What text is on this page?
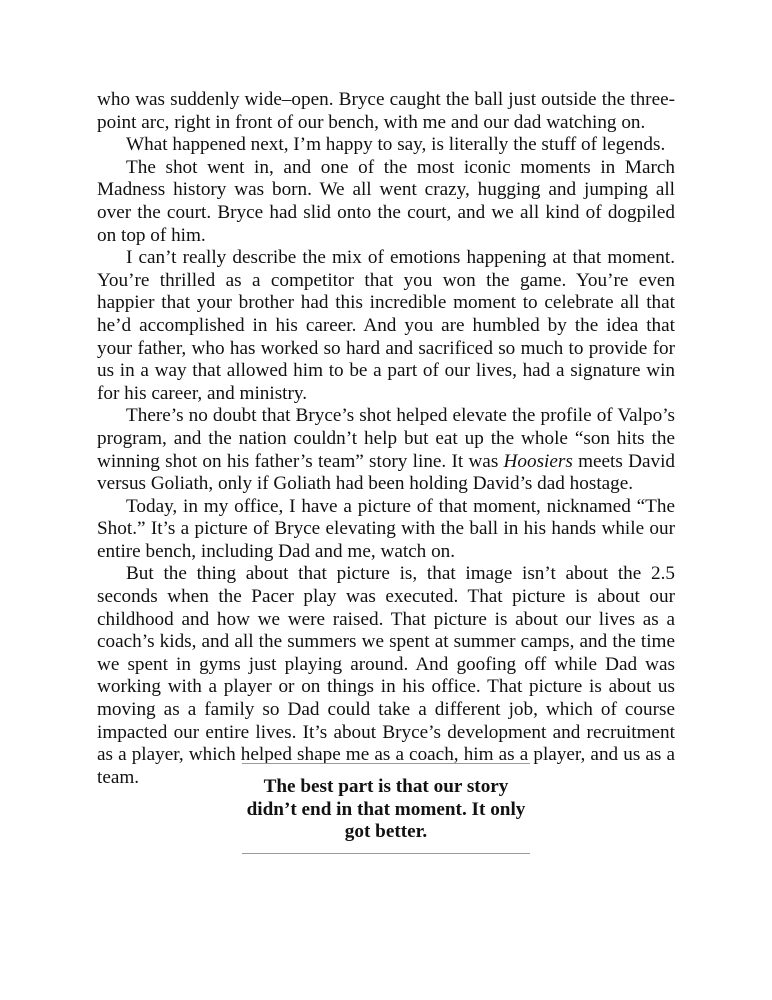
who was suddenly wide–open. Bryce caught the ball just outside the three-point arc, right in front of our bench, with me and our dad watching on.

What happened next, I’m happy to say, is literally the stuff of legends.

The shot went in, and one of the most iconic moments in March Madness history was born. We all went crazy, hugging and jumping all over the court. Bryce had slid onto the court, and we all kind of dogpiled on top of him.

I can’t really describe the mix of emotions happening at that moment. You’re thrilled as a competitor that you won the game. You’re even happier that your brother had this incredible moment to celebrate all that he’d accomplished in his career. And you are humbled by the idea that your father, who has worked so hard and sacrificed so much to provide for us in a way that allowed him to be a part of our lives, had a signature win for his career, and ministry.

There’s no doubt that Bryce’s shot helped elevate the profile of Valpo’s program, and the nation couldn’t help but eat up the whole “son hits the winning shot on his father’s team” story line. It was Hoosiers meets David versus Goliath, only if Goliath had been holding David’s dad hostage.

Today, in my office, I have a picture of that moment, nicknamed “The Shot.” It’s a picture of Bryce elevating with the ball in his hands while our entire bench, including Dad and me, watch on.

But the thing about that picture is, that image isn’t about the 2.5 seconds when the Pacer play was executed. That picture is about our childhood and how we were raised. That picture is about our lives as a coach’s kids, and all the summers we spent at summer camps, and the time we spent in gyms just playing around. And goofing off while Dad was working with a player or on things in his office. That picture is about us moving as a family so Dad could take a different job, which of course impacted our entire lives. It’s about Bryce’s development and recruitment as a player, which helped shape me as a coach, him as a player, and us as a team.	The best part is that our story
didn’t end in that moment. It only
got better.
